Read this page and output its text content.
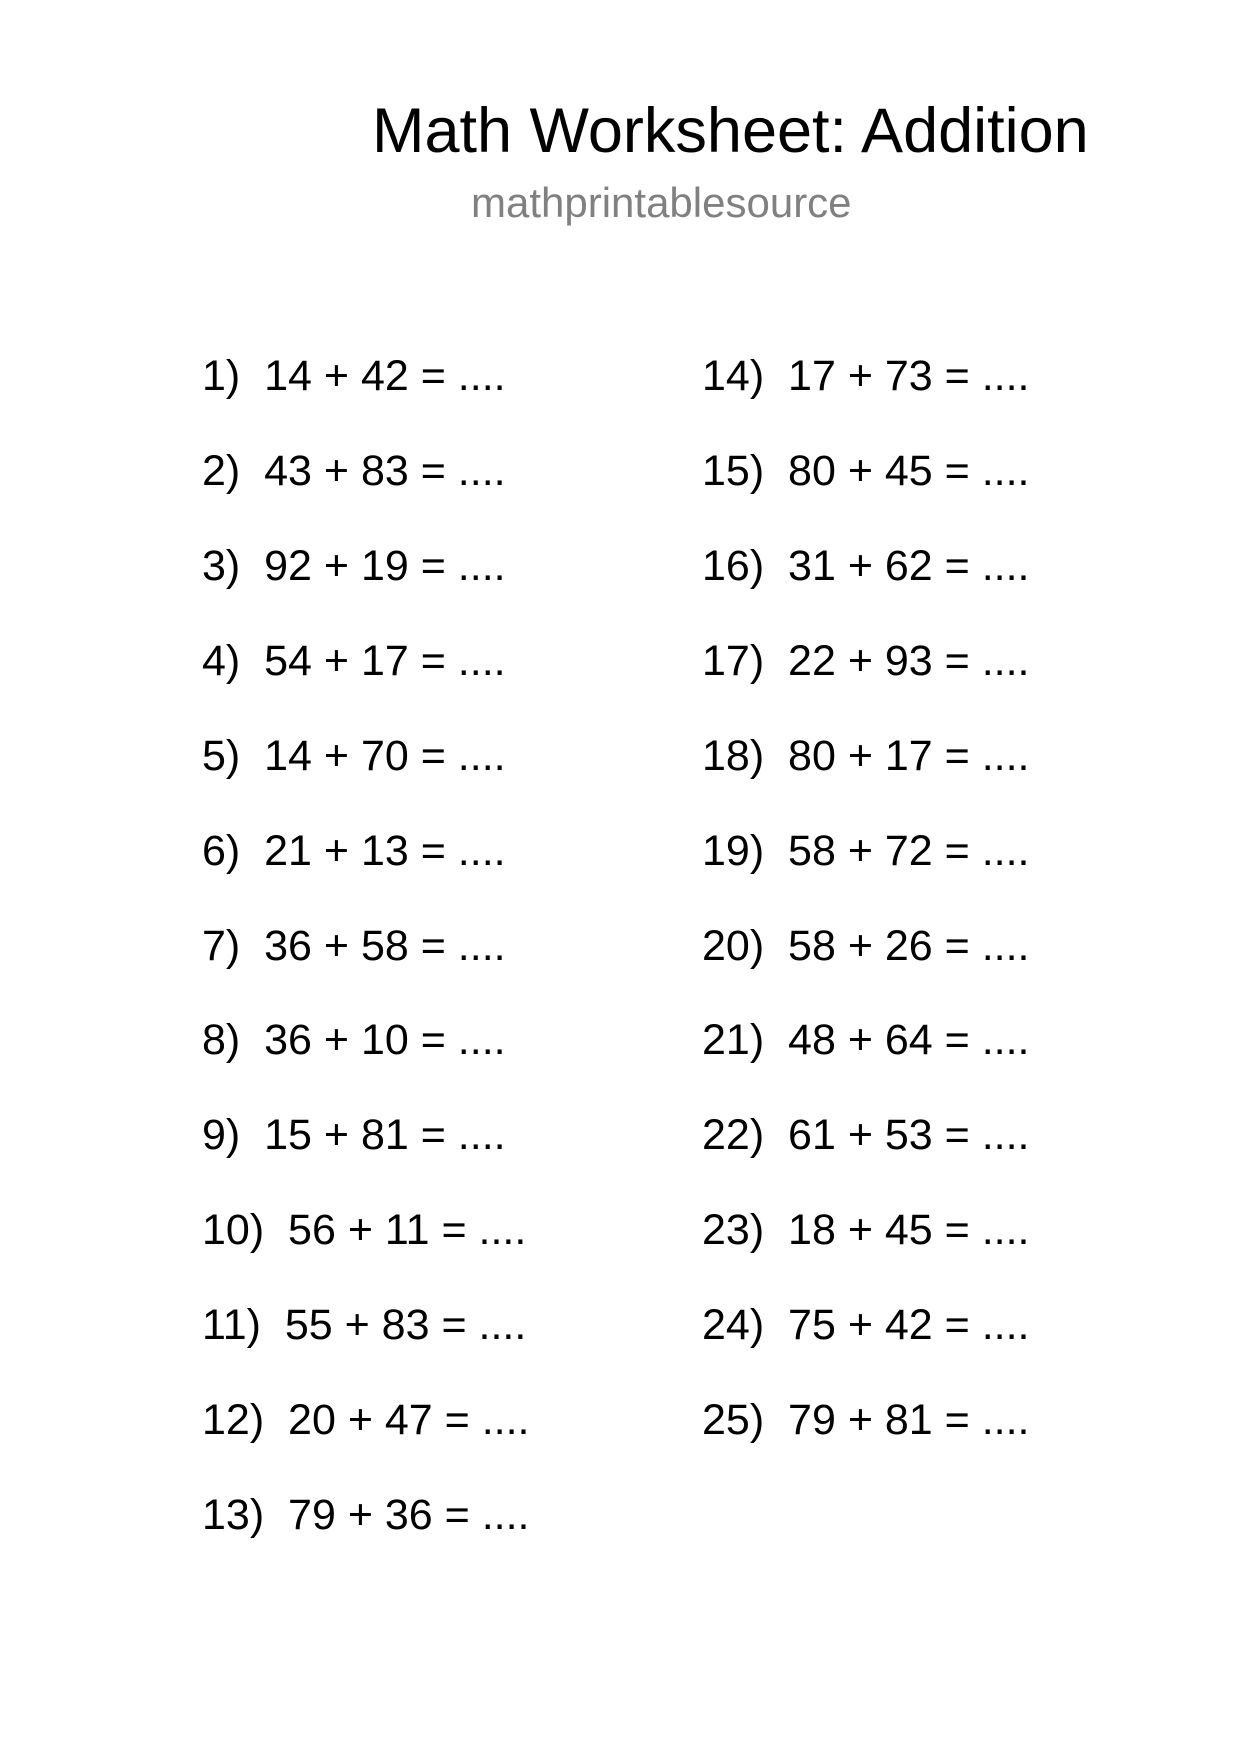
Math Worksheet: Addition
mathprintablesource
1)  14 + 42 = ....
2)  43 + 83 = ....
3)  92 + 19 = ....
4)  54 + 17 = ....
5)  14 + 70 = ....
6)  21 + 13 = ....
7)  36 + 58 = ....
8)  36 + 10 = ....
9)  15 + 81 = ....
10)  56 + 11 = ....
11)  55 + 83 = ....
12)  20 + 47 = ....
13)  79 + 36 = ....
14)  17 + 73 = ....
15)  80 + 45 = ....
16)  31 + 62 = ....
17)  22 + 93 = ....
18)  80 + 17 = ....
19)  58 + 72 = ....
20)  58 + 26 = ....
21)  48 + 64 = ....
22)  61 + 53 = ....
23)  18 + 45 = ....
24)  75 + 42 = ....
25)  79 + 81 = ....
